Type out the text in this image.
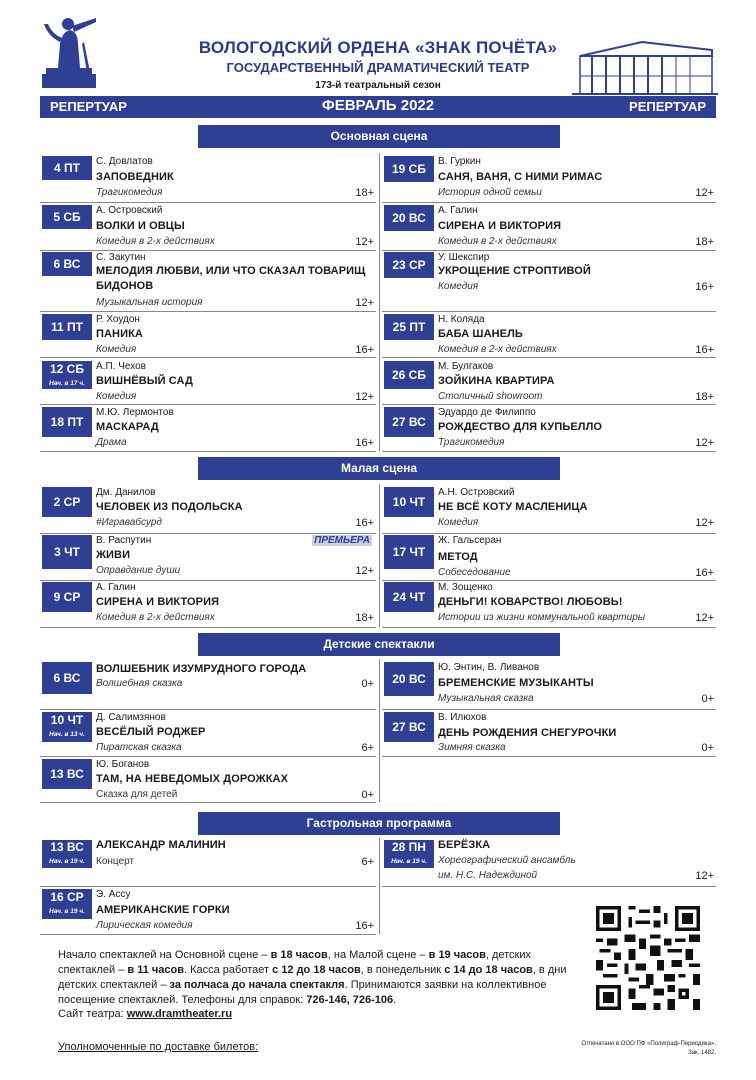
ВОЛОГОДСКИЙ ОРДЕНА «ЗНАК ПОЧЁТА»
ГОСУДАРСТВЕННЫЙ ДРАМАТИЧЕСКИЙ ТЕАТР
173-й театральный сезон
РЕПЕРТУАР	ФЕВРАЛЬ 2022	РЕПЕРТУАР
Основная сцена
4 ПТ	С. Довлатов
ЗАПОВЕДНИК
Трагикомедия	18+
5 СБ	А. Островский
ВОЛКИ И ОВЦЫ
Комедия в 2-х действиях	12+
6 ВС	С. Закутин
МЕЛОДИЯ ЛЮБВИ, ИЛИ ЧТО СКАЗАЛ ТОВАРИЩ БИДОНОВ
Музыкальная история	12+
11 ПТ
Р. Хоудон
ПАНИКА
Комедия	16+
12 СБ
Нач. в 17 ч.
А.П. Чехов
ВИШНЁВЫЙ САД
Комедия	12+
18 ПТ
М.Ю. Лермонтов
МАСКАРАД
Драма	16+
19 СБ
В. Гуркин
САНЯ, ВАНЯ, С НИМИ РИМАС
История одной семьи	12+
20 ВС
А. Галин
СИРЕНА И ВИКТОРИЯ
Комедия в 2-х действиях	18+
23 СР
У. Шекспир
УКРОЩЕНИЕ СТРОПТИВОЙ
Комедия	16+
25 ПТ
Н. Коляда
БАБА ШАНЕЛЬ
Комедия в 2-х действиях	16+
26 СБ
М. Булгаков
ЗОЙКИНА КВАРТИРА
Столичный showroom	18+
27 ВС
Эдуардо де Филиппо
РОЖДЕСТВО ДЛЯ КУПЬЕЛЛО
Трагикомедия	12+
Малая сцена
2 СР
Дм. Данилов
ЧЕЛОВЕК ИЗ ПОДОЛЬСКА
#Игравабсурд	16+
3 ЧТ
В. Распутин	ПРЕМЬЕРА
ЖИВИ
Оправдание души	12+
9 СР
А. Галин
СИРЕНА И ВИКТОРИЯ
Комедия в 2-х действиях	18+
10 ЧТ
А.Н. Островский
НЕ ВСЁ КОТУ МАСЛЕНИЦА
Комедия	12+
17 ЧТ
Ж. Гальсеран
МЕТОД
Собеседование	16+
24 ЧТ
М. Зощенко
ДЕНЬГИ! КОВАРСТВО! ЛЮБОВЬ!
Истории из жизни коммунальной квартиры	12+
Детские спектакли
6 ВС
ВОЛШЕБНИК ИЗУМРУДНОГО ГОРОДА
Волшебная сказка	0+
10 ЧТ
Нач. в 13 ч.
Д. Салимзянов
ВЕСЁЛЫЙ РОДЖЕР
Пиратская сказка	6+
13 ВС
Ю. Боганов
ТАМ, НА НЕВЕДОМЫХ ДОРОЖКАХ
Сказка для детей	0+
20 ВС
Ю. Энтин, В. Ливанов
БРЕМЕНСКИЕ МУЗЫКАНТЫ
Музыкальная сказка	0+
27 ВС
В. Илюхов
ДЕНЬ РОЖДЕНИЯ СНЕГУРОЧКИ
Зимняя сказка	0+
Гастрольная программа
13 ВС
Нач. в 19 ч.
АЛЕКСАНДР МАЛИНИН
Концерт	6+
16 СР
Нач. в 19 ч.
Э. Ассу
АМЕРИКАНСКИЕ ГОРКИ
Лирическая комедия	16+
28 ПН
Нач. в 19 ч.
БЕРЁЗКА
Хореографический ансамбль
им. Н.С. Надеждиной	12+
Начало спектаклей на Основной сцене – в 18 часов, на Малой сцене – в 19 часов, детских спектаклей – в 11 часов. Касса работает с 12 до 18 часов, в понедельник с 14 до 18 часов, в дни детских спектаклей – за полчаса до начала спектакля. Принимаются заявки на коллективное посещение спектаклей. Телефоны для справок: 726-146, 726-106.
Сайт театра: www.dramtheater.ru
Уполномоченные по доставке билетов:	Отпечатано в ООО ПФ «Полиграф-Периодика».
Зак. 1482.
